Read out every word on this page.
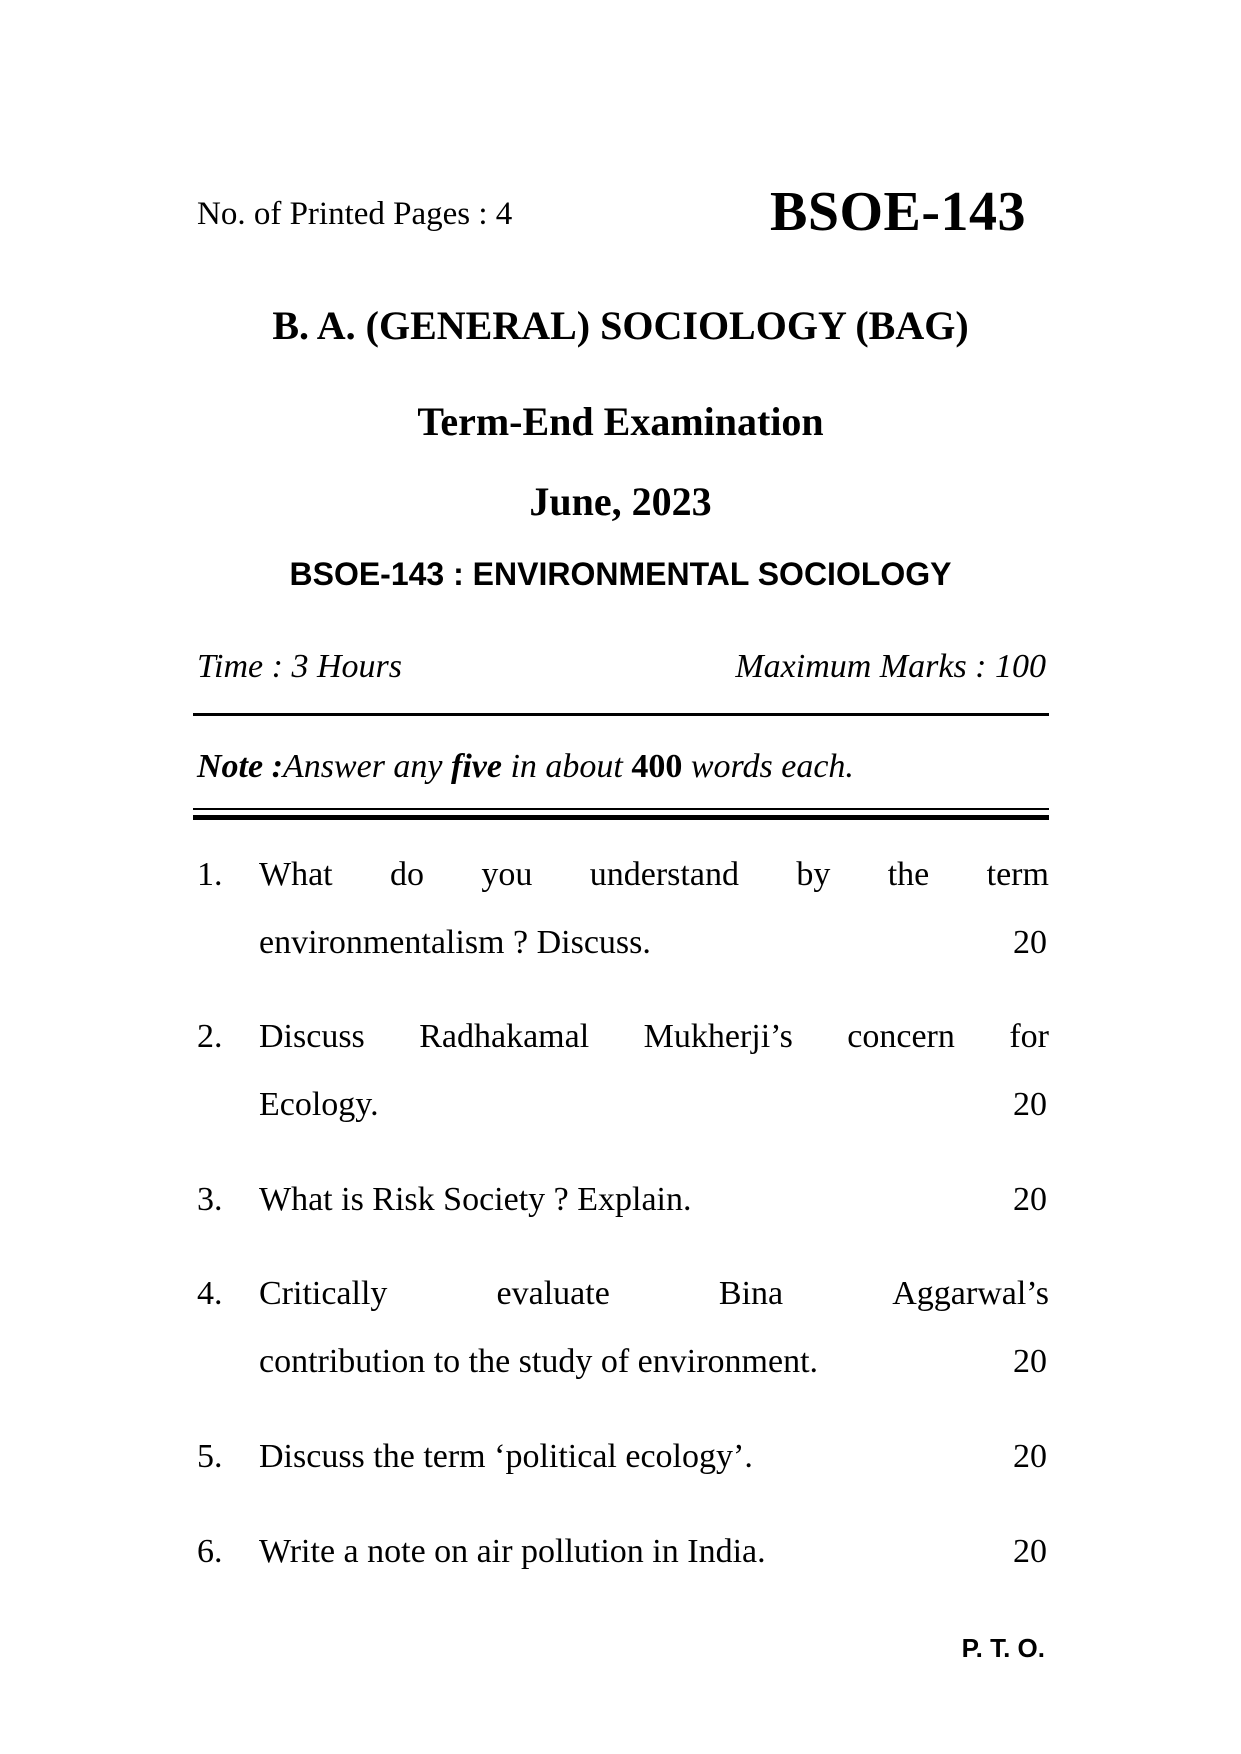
No. of Printed Pages : 4	BSOE-143
B. A. (GENERAL) SOCIOLOGY (BAG)
Term-End Examination
June, 2023
BSOE-143 : ENVIRONMENTAL SOCIOLOGY
Time : 3 Hours	Maximum Marks : 100
Note :Answer any five in about 400 words each.
1. What do you understand by the term
environmentalism ? Discuss.	20
2. Discuss Radhakamal Mukherji’s concern for
Ecology.	20
3. What is Risk Society ? Explain.	20
4. Critically	evaluate	Bina	Aggarwal’s
contribution to the study of environment.	20
5. Discuss the term ‘political ecology’.	20
6. Write a note on air pollution in India.	20
P. T. O.
